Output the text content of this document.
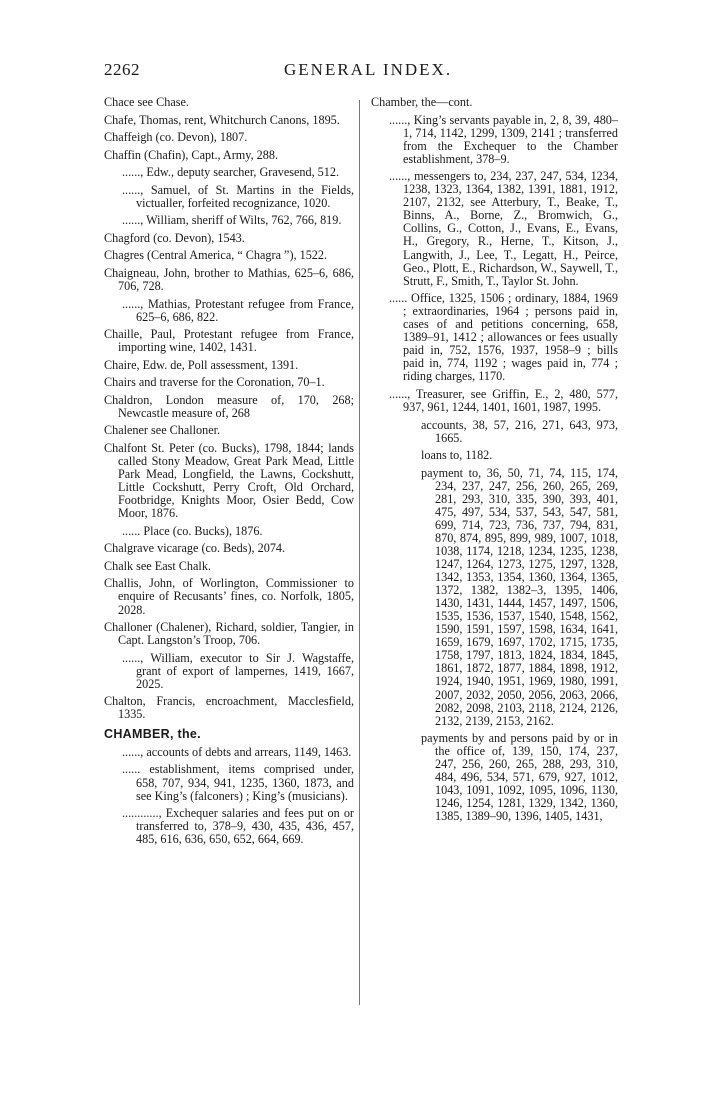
2262	GENERAL INDEX.

Chace see Chase.

Chafe, Thomas, rent, Whitchurch Canons, 1895.

Chaffeigh (co. Devon), 1807.

Chaffin (Chafin), Capt., Army, 288.

......, Edw., deputy searcher, Gravesend, 512.

......, Samuel, of St. Martins in the Fields, victualler, forfeited recognizance, 1020.

......, William, sheriff of Wilts, 762, 766, 819.

Chagford (co. Devon), 1543.

Chagres (Central America, “ Chagra ”), 1522.

Chaigneau, John, brother to Mathias, 625–6, 686, 706, 728.

......, Mathias, Protestant refugee from France, 625–6, 686, 822.

Chaille, Paul, Protestant refugee from France, importing wine, 1402, 1431.

Chaire, Edw. de, Poll assessment, 1391.

Chairs and traverse for the Coronation, 70–1.

Chaldron, London measure of, 170, 268; Newcastle measure of, 268

Chalener see Challoner.

Chalfont St. Peter (co. Bucks), 1798, 1844; lands called Stony Meadow, Great Park Mead, Little Park Mead, Longfield, the Lawns, Cockshutt, Little Cockshutt, Perry Croft, Old Orchard, Footbridge, Knights Moor, Osier Bedd, Cow Moor, 1876.

...... Place (co. Bucks), 1876.

Chalgrave vicarage (co. Beds), 2074.

Chalk see East Chalk.

Challis, John, of Worlington, Commissioner to enquire of Recusants’ fines, co. Norfolk, 1805, 2028.

Challoner (Chalener), Richard, soldier, Tangier, in Capt. Langston’s Troop, 706.

......, William, executor to Sir J. Wagstaffe, grant of export of lampernes, 1419, 1667, 2025.

Chalton, Francis, encroachment, Macclesfield, 1335.

CHAMBER, the.

......, accounts of debts and arrears, 1149, 1463.

...... establishment, items comprised under, 658, 707, 934, 941, 1235, 1360, 1873, and see King’s (falconers) ; King’s (musicians).

............, Exchequer salaries and fees put on or transferred to, 378–9, 430, 435, 436, 457, 485, 616, 636, 650, 652, 664, 669.

Chamber, the—cont.

......, King’s servants payable in, 2, 8, 39, 480–1, 714, 1142, 1299, 1309, 2141 ; transferred from the Exchequer to the Chamber establishment, 378–9.

......, messengers to, 234, 237, 247, 534, 1234, 1238, 1323, 1364, 1382, 1391, 1881, 1912, 2107, 2132, see Atterbury, T., Beake, T., Binns, A., Borne, Z., Bromwich, G., Collins, G., Cotton, J., Evans, E., Evans, H., Gregory, R., Herne, T., Kitson, J., Langwith, J., Lee, T., Legatt, H., Peirce, Geo., Plott, E., Richardson, W., Saywell, T., Strutt, F., Smith, T., Taylor St. John.

...... Office, 1325, 1506 ; ordinary, 1884, 1969 ; extraordinaries, 1964 ; persons paid in, cases of and petitions concerning, 658, 1389–91, 1412 ; allowances or fees usually paid in, 752, 1576, 1937, 1958–9 ; bills paid in, 774, 1192 ; wages paid in, 774 ; riding charges, 1170.

......, Treasurer, see Griffin, E., 2, 480, 577, 937, 961, 1244, 1401, 1601, 1987, 1995.

accounts, 38, 57, 216, 271, 643, 973, 1665.

loans to, 1182.

payment to, 36, 50, 71, 74, 115, 174, 234, 237, 247, 256, 260, 265, 269, 281, 293, 310, 335, 390, 393, 401, 475, 497, 534, 537, 543, 547, 581, 699, 714, 723, 736, 737, 794, 831, 870, 874, 895, 899, 989, 1007, 1018, 1038, 1174, 1218, 1234, 1235, 1238, 1247, 1264, 1273, 1275, 1297, 1328, 1342, 1353, 1354, 1360, 1364, 1365, 1372, 1382, 1382–3, 1395, 1406, 1430, 1431, 1444, 1457, 1497, 1506, 1535, 1536, 1537, 1540, 1548, 1562, 1590, 1591, 1597, 1598, 1634, 1641, 1659, 1679, 1697, 1702, 1715, 1735, 1758, 1797, 1813, 1824, 1834, 1845, 1861, 1872, 1877, 1884, 1898, 1912, 1924, 1940, 1951, 1969, 1980, 1991, 2007, 2032, 2050, 2056, 2063, 2066, 2082, 2098, 2103, 2118, 2124, 2126, 2132, 2139, 2153, 2162.

payments by and persons paid by or in the office of, 139, 150, 174, 237, 247, 256, 260, 265, 288, 293, 310, 484, 496, 534, 571, 679, 927, 1012, 1043, 1091, 1092, 1095, 1096, 1130, 1246, 1254, 1281, 1329, 1342, 1360, 1385, 1389–90, 1396, 1405, 1431,
